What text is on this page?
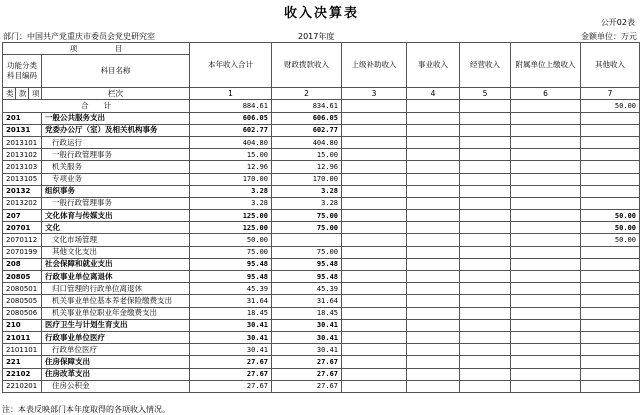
收入决算表
公开02表
部门：中国共产党重庆市委员会党史研究室	2017年度	金额单位：万元
项　　　　　目				本年收入合计	财政拨款收入	上级补助收入	事业收入	经营收入	附属单位上缴收入	其他收入
功能分类科目编码			科目名称							
类	款	项								
			栏次	1	2	3	4	5	6	7
合　　计				884.61	834.61					50.00
201			一般公共服务支出	606.05	606.05					
20131			党委办公厅（室）及相关机构事务	602.77	602.77					
2013101			行政运行	404.80	404.80					
2013102			一般行政管理事务	15.00	15.00					
2013103			机关服务	12.96	12.96					
2013105			专项业务	170.00	170.00					
20132			组织事务	3.28	3.28					
2013202			一般行政管理事务	3.28	3.28					
207			文化体育与传媒支出	125.00	75.00					50.00
20701			文化	125.00	75.00					50.00
2070112			文化市场管理	50.00						50.00
2070199			其他文化支出	75.00	75.00					
208			社会保障和就业支出	95.48	95.48					
20805			行政事业单位离退休	95.48	95.48					
2080501			归口管理的行政单位离退休	45.39	45.39					
2080505			机关事业单位基本养老保险缴费支出	31.64	31.64					
2080506			机关事业单位职业年金缴费支出	18.45	18.45					
210			医疗卫生与计划生育支出	30.41	30.41					
21011			行政事业单位医疗	30.41	30.41					
2101101			行政单位医疗	30.41	30.41					
221			住房保障支出	27.67	27.67					
22102			住房改革支出	27.67	27.67					
2210201			住房公积金	27.67	27.67					
注：本表反映部门本年度取得的各项收入情况。
